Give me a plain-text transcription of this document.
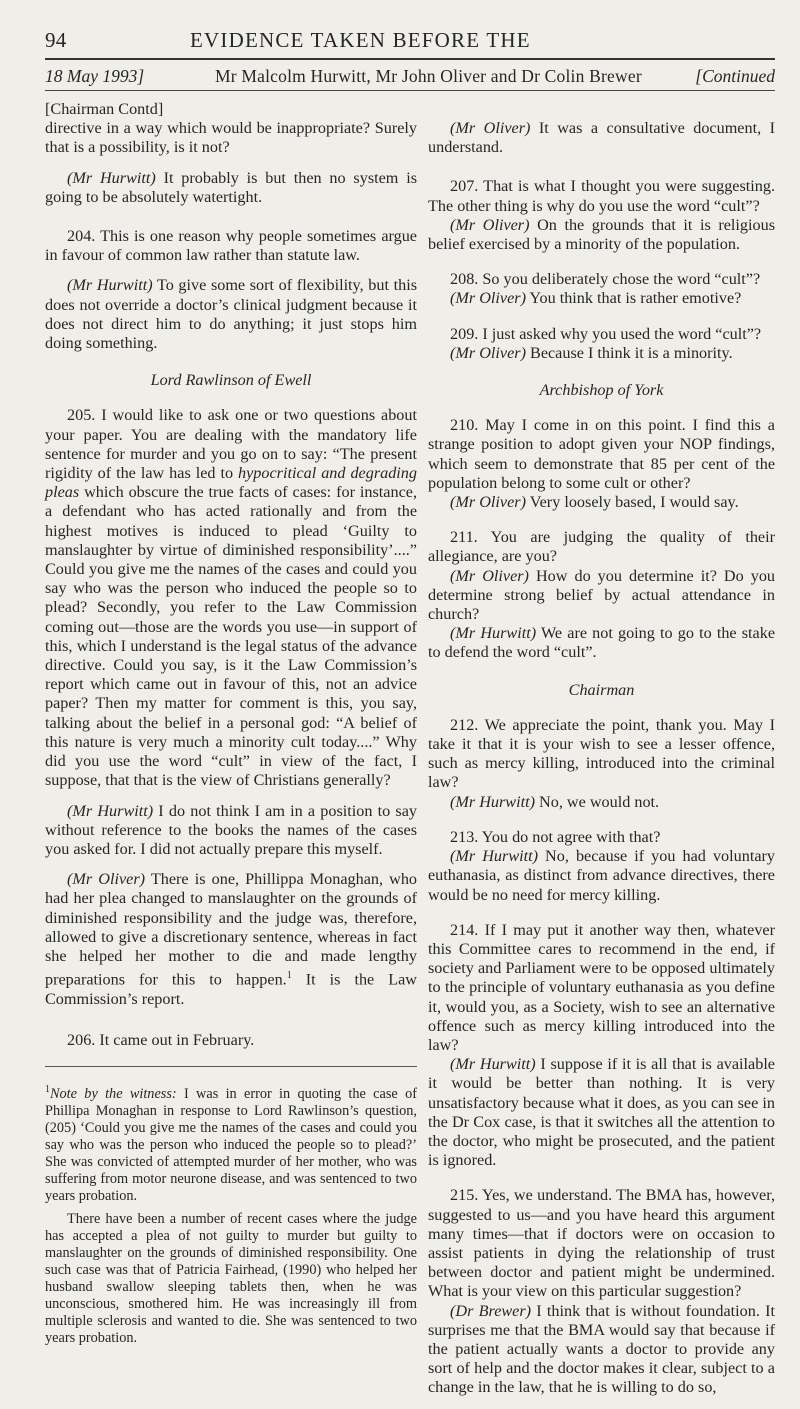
94	EVIDENCE TAKEN BEFORE THE
18 May 1993]	Mr Malcolm Hurwitt, Mr John Oliver and Dr Colin Brewer	[Continued

[Chairman Contd]

directive in a way which would be inappropriate? Surely that is a possibility, is it not?

(Mr Hurwitt) It probably is but then no system is going to be absolutely watertight.

204. This is one reason why people sometimes argue in favour of common law rather than statute law.

(Mr Hurwitt) To give some sort of flexibility, but this does not override a doctor’s clinical judgment because it does not direct him to do anything; it just stops him doing something.

Lord Rawlinson of Ewell

205. I would like to ask one or two questions about your paper. You are dealing with the mandatory life sentence for murder and you go on to say: “The present rigidity of the law has led to hypocritical and degrading pleas which obscure the true facts of cases: for instance, a defendant who has acted rationally and from the highest motives is induced to plead ‘Guilty to manslaughter by virtue of diminished responsibility’....” Could you give me the names of the cases and could you say who was the person who induced the people so to plead? Secondly, you refer to the Law Commission coming out—those are the words you use—in support of this, which I understand is the legal status of the advance directive. Could you say, is it the Law Commission’s report which came out in favour of this, not an advice paper? Then my matter for comment is this, you say, talking about the belief in a personal god: “A belief of this nature is very much a minority cult today....” Why did you use the word “cult” in view of the fact, I suppose, that that is the view of Christians generally?

(Mr Hurwitt) I do not think I am in a position to say without reference to the books the names of the cases you asked for. I did not actually prepare this myself.

(Mr Oliver) There is one, Phillippa Monaghan, who had her plea changed to manslaughter on the grounds of diminished responsibility and the judge was, therefore, allowed to give a discretionary sentence, whereas in fact she helped her mother to die and made lengthy preparations for this to happen.$^1$ It is the Law Commission’s report.

206. It came out in February.

$^1$Note by the witness: I was in error in quoting the case of Phillipa Monaghan in response to Lord Rawlinson’s question, (205) ‘Could you give me the names of the cases and could you say who was the person who induced the people so to plead?’ She was convicted of attempted murder of her mother, who was suffering from motor neurone disease, and was sentenced to two years probation.

There have been a number of recent cases where the judge has accepted a plea of not guilty to murder but guilty to manslaughter on the grounds of diminished responsibility. One such case was that of Patricia Fairhead, (1990) who helped her husband swallow sleeping tablets then, when he was unconscious, smothered him. He was increasingly ill from multiple sclerosis and wanted to die. She was sentenced to two years probation.

(Mr Oliver) It was a consultative document, I understand.

207. That is what I thought you were suggesting. The other thing is why do you use the word “cult”?

(Mr Oliver) On the grounds that it is religious belief exercised by a minority of the population.

208. So you deliberately chose the word “cult”?

(Mr Oliver) You think that is rather emotive?

209. I just asked why you used the word “cult”?

(Mr Oliver) Because I think it is a minority.

Archbishop of York

210. May I come in on this point. I find this a strange position to adopt given your NOP findings, which seem to demonstrate that 85 per cent of the population belong to some cult or other?

(Mr Oliver) Very loosely based, I would say.

211. You are judging the quality of their allegiance, are you?

(Mr Oliver) How do you determine it? Do you determine strong belief by actual attendance in church?

(Mr Hurwitt) We are not going to go to the stake to defend the word “cult”.

Chairman

212. We appreciate the point, thank you. May I take it that it is your wish to see a lesser offence, such as mercy killing, introduced into the criminal law?

(Mr Hurwitt) No, we would not.

213. You do not agree with that?

(Mr Hurwitt) No, because if you had voluntary euthanasia, as distinct from advance directives, there would be no need for mercy killing.

214. If I may put it another way then, whatever this Committee cares to recommend in the end, if society and Parliament were to be opposed ultimately to the principle of voluntary euthanasia as you define it, would you, as a Society, wish to see an alternative offence such as mercy killing introduced into the law?

(Mr Hurwitt) I suppose if it is all that is available it would be better than nothing. It is very unsatisfactory because what it does, as you can see in the Dr Cox case, is that it switches all the attention to the doctor, who might be prosecuted, and the patient is ignored.

215. Yes, we understand. The BMA has, however, suggested to us—and you have heard this argument many times—that if doctors were on occasion to assist patients in dying the relationship of trust between doctor and patient might be undermined. What is your view on this particular suggestion?

(Dr Brewer) I think that is without foundation. It surprises me that the BMA would say that because if the patient actually wants a doctor to provide any sort of help and the doctor makes it clear, subject to a change in the law, that he is willing to do so,
